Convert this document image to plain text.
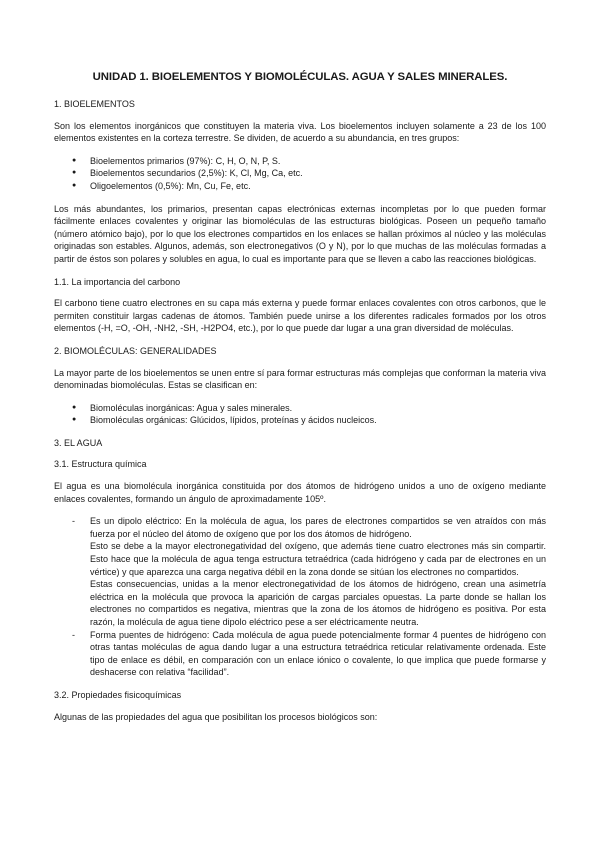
UNIDAD 1. BIOELEMENTOS Y BIOMOLÉCULAS. AGUA Y SALES MINERALES.
1. BIOELEMENTOS

Son los elementos inorgánicos que constituyen la materia viva. Los bioelementos incluyen solamente a 23 de los 100 elementos existentes en la corteza terrestre. Se dividen, de acuerdo a su abundancia, en tres grupos:

● Bioelementos primarios (97%): C, H, O, N, P, S.
● Bioelementos secundarios (2,5%): K, Cl, Mg, Ca, etc.
● Oligoelementos (0,5%): Mn, Cu, Fe, etc.

Los más abundantes, los primarios, presentan capas electrónicas externas incompletas por lo que pueden formar fácilmente enlaces covalentes y originar las biomoléculas de las estructuras biológicas. Poseen un pequeño tamaño (número atómico bajo), por lo que los electrones compartidos en los enlaces se hallan próximos al núcleo y las moléculas originadas son estables. Algunos, además, son electronegativos (O y N), por lo que muchas de las moléculas formadas a partir de éstos son polares y solubles en agua, lo cual es importante para que se lleven a cabo las reacciones biológicas.

1.1. La importancia del carbono

El carbono tiene cuatro electrones en su capa más externa y puede formar enlaces covalentes con otros carbonos, que le permiten constituir largas cadenas de átomos. También puede unirse a los diferentes radicales formados por los otros elementos (-H, =O, -OH, -NH2, -SH, -H2PO4, etc.), por lo que puede dar lugar a una gran diversidad de moléculas.

2. BIOMOLÉCULAS: GENERALIDADES

La mayor parte de los bioelementos se unen entre sí para formar estructuras más complejas que conforman la materia viva denominadas biomoléculas. Estas se clasifican en:

● Biomoléculas inorgánicas: Agua y sales minerales.
● Biomoléculas orgánicas: Glúcidos, lípidos, proteínas y ácidos nucleicos.
3. EL AGUA
3.1. Estructura química

El agua es una biomolécula inorgánica constituida por dos átomos de hidrógeno unidos a uno de oxígeno mediante enlaces covalentes, formando un ángulo de aproximadamente 105º.

- Es un dipolo eléctrico: En la molécula de agua, los pares de electrones compartidos se ven atraídos con más fuerza por el núcleo del átomo de oxígeno que por los dos átomos de hidrógeno.

Esto se debe a la mayor electronegatividad del oxígeno, que además tiene cuatro electrones más sin compartir. Esto hace que la molécula de agua tenga estructura tetraédrica (cada hidrógeno y cada par de electrones en un vértice) y que aparezca una carga negativa débil en la zona donde se sitúan los electrones no compartidos.

Estas consecuencias, unidas a la menor electronegatividad de los átomos de hidrógeno, crean una asimetría eléctrica en la molécula que provoca la aparición de cargas parciales opuestas. La parte donde se hallan los electrones no compartidos es negativa, mientras que la zona de los átomos de hidrógeno es positiva. Por esta razón, la molécula de agua tiene dipolo eléctrico pese a ser eléctricamente neutra.

- Forma puentes de hidrógeno: Cada molécula de agua puede potencialmente formar 4 puentes de hidrógeno con otras tantas moléculas de agua dando lugar a una estructura tetraédrica reticular relativamente ordenada. Este tipo de enlace es débil, en comparación con un enlace iónico o covalente, lo que implica que puede formarse y deshacerse con relativa “facilidad”.

3.2. Propiedades fisicoquímicas

Algunas de las propiedades del agua que posibilitan los procesos biológicos son:
